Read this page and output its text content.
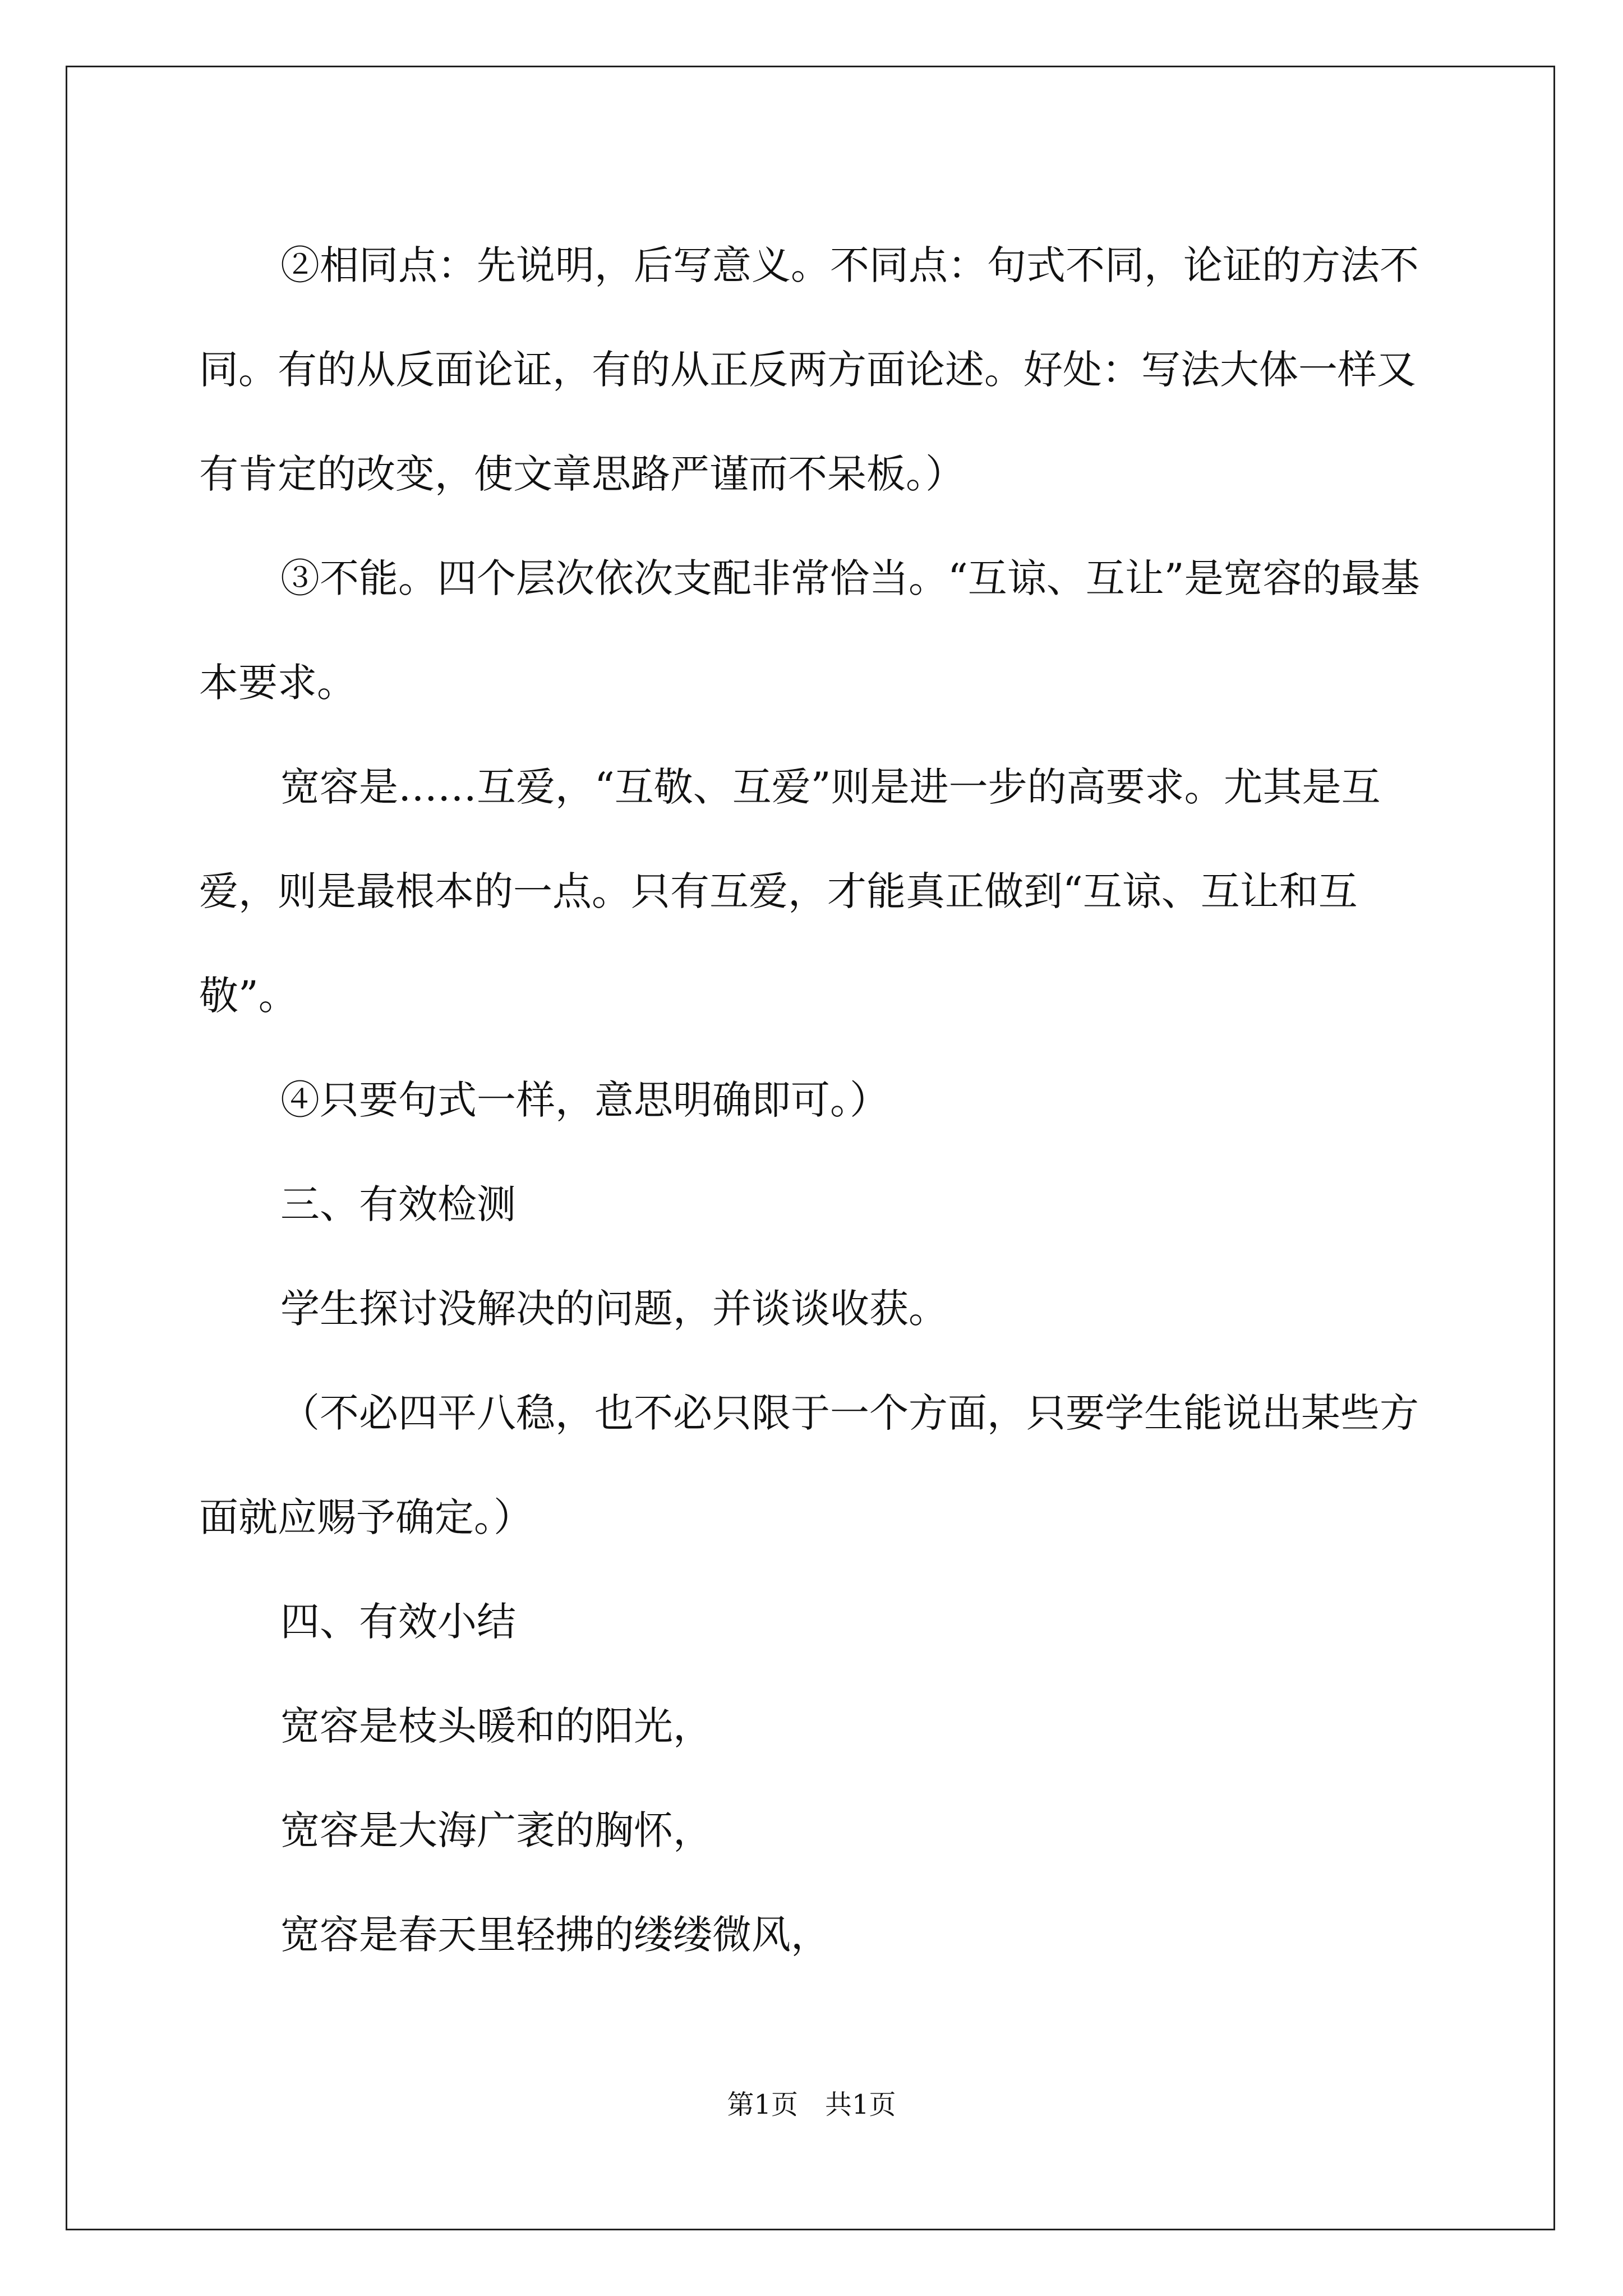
②相同点：先说明，后写意义。不同点：句式不同，论证的方法不同。有的从反面论证，有的从正反两方面论述。好处：写法大体一样又有肯定的改变，使文章思路严谨而不呆板。）

③不能。四个层次依次支配非常恰当。“互谅、互让”是宽容的最基本要求。

宽容是……互爱，“互敬、互爱”则是进一步的高要求。尤其是互爱，则是最根本的一点。只有互爱，才能真正做到“互谅、互让和互敬”。

④只要句式一样，意思明确即可。）

三、有效检测

学生探讨没解决的问题，并谈谈收获。

（不必四平八稳，也不必只限于一个方面，只要学生能说出某些方面就应赐予确定。）

四、有效小结

宽容是枝头暖和的阳光，

宽容是大海广袤的胸怀，

宽容是春天里轻拂的缕缕微风，

第1页　共1页
